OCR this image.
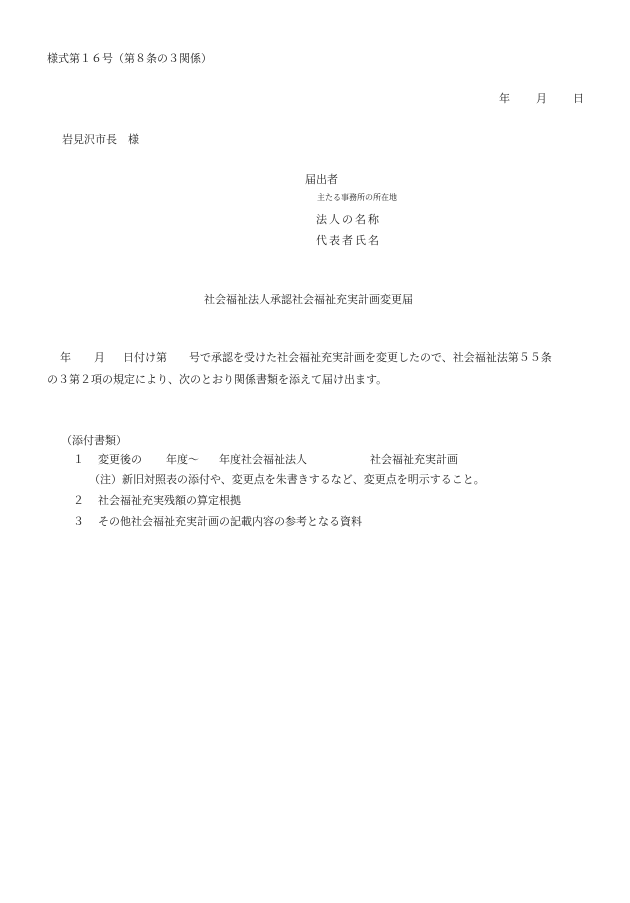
様式第１６号（第８条の３関係）
年 月 日
岩見沢市長　様
届出者
主たる事務所の所在地
法人の名称
代表者氏名
社会福祉法人承認社会福祉充実計画変更届
年 月 日付け第 号で承認を受けた社会福祉充実計画を変更したので、社会福祉法第５５条
の３第２項の規定により、次のとおり関係書類を添えて届け出ます。
（添付書類）
１ 変更後の 年度～ 年度社会福祉法人	社会福祉充実計画
（注）新旧対照表の添付や、変更点を朱書きするなど、変更点を明示すること。
２ 社会福祉充実残額の算定根拠
３ その他社会福祉充実計画の記載内容の参考となる資料
